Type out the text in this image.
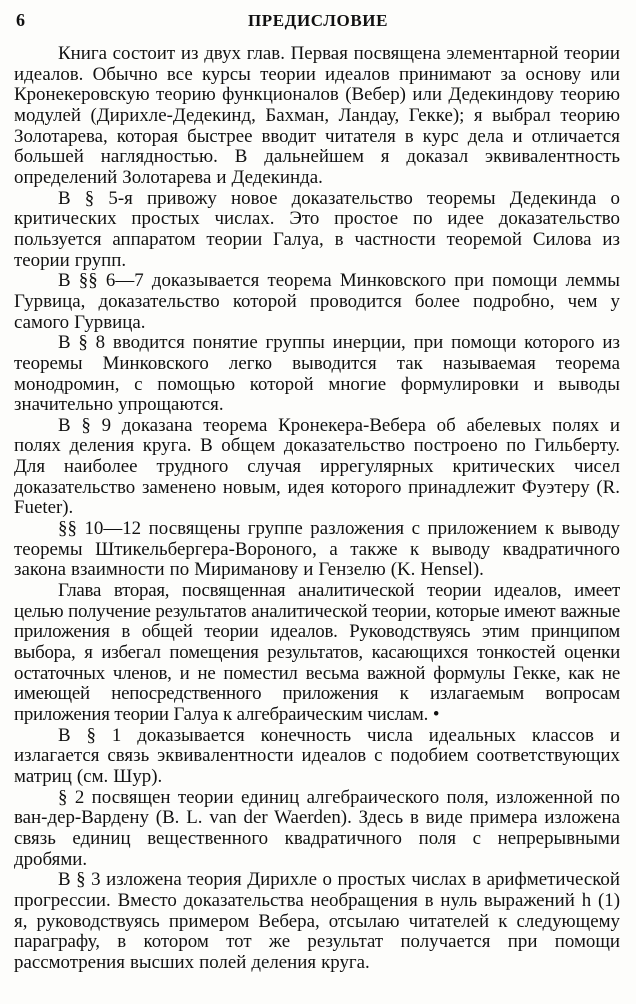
6	ПРЕДИСЛОВИЕ

Книга состоит из двух глав. Первая посвящена элементарной теории идеалов. Обычно все курсы теории идеалов принимают за основу или Кронекеровскую теорию функционалов (Вебер) или Дедекиндову теорию модулей (Дирихле-Дедекинд, Бахман, Ландау, Гекке); я выбрал теорию Золотарева, которая быстрее вводит читателя в курс дела и отличается большей наглядностью. В дальнейшем я доказал эквивалентность определений Золотарева и Дедекинда.

В § 5-я привожу новое доказательство теоремы Дедекинда о критических простых числах. Это простое по идее доказательство пользуется аппаратом теории Галуа, в частности теоремой Силова из теории групп.

В §§ 6—7 доказывается теорема Минковского при помощи леммы Гурвица, доказательство которой проводится более подробно, чем у самого Гурвица.

В § 8 вводится понятие группы инерции, при помощи которого из теоремы Минковского легко выводится так называемая теорема монодромин, с помощью которой многие формулировки и выводы значительно упрощаются.

В § 9 доказана теорема Кронекера-Вебера об абелевых полях и полях деления круга. В общем доказательство построено по Гильберту. Для наиболее трудного случая иррегулярных критических чисел доказательство заменено новым, идея которого принадлежит Фуэтеру (R. Fueter).

§§ 10—12 посвящены группе разложения с приложением к выводу теоремы Штикельбергера-Вороного, а также к выводу квадратичного закона взаимности по Мириманову и Гензелю (K. Hensel).

Глава вторая, посвященная аналитической теории идеалов, имеет целью получение результатов аналитической теории, которые имеют важные приложения в общей теории идеалов. Руководствуясь этим принципом выбора, я избегал помещения результатов, касающихся тонкостей оценки остаточных членов, и не поместил весьма важной формулы Гекке, как не имеющей непосредственного приложения к излагаемым вопросам приложения теории Галуа к алгебраическим числам. •

В § 1 доказывается конечность числа идеальных классов и излагается связь эквивалентности идеалов с подобием соответствующих матриц (см. Шур).

§ 2 посвящен теории единиц алгебраического поля, изложенной по ван-дер-Вардену (B. L. van der Waerden). Здесь в виде примера изложена связь единиц вещественного квадратичного поля с непрерывными дробями.

В § 3 изложена теория Дирихле о простых числах в арифметической прогрессии. Вместо доказательства необращения в нуль выражений h (1) я, руководствуясь примером Вебера, отсылаю читателей к следующему параграфу, в котором тот же результат получается при помощи рассмотрения высших полей деления круга.
